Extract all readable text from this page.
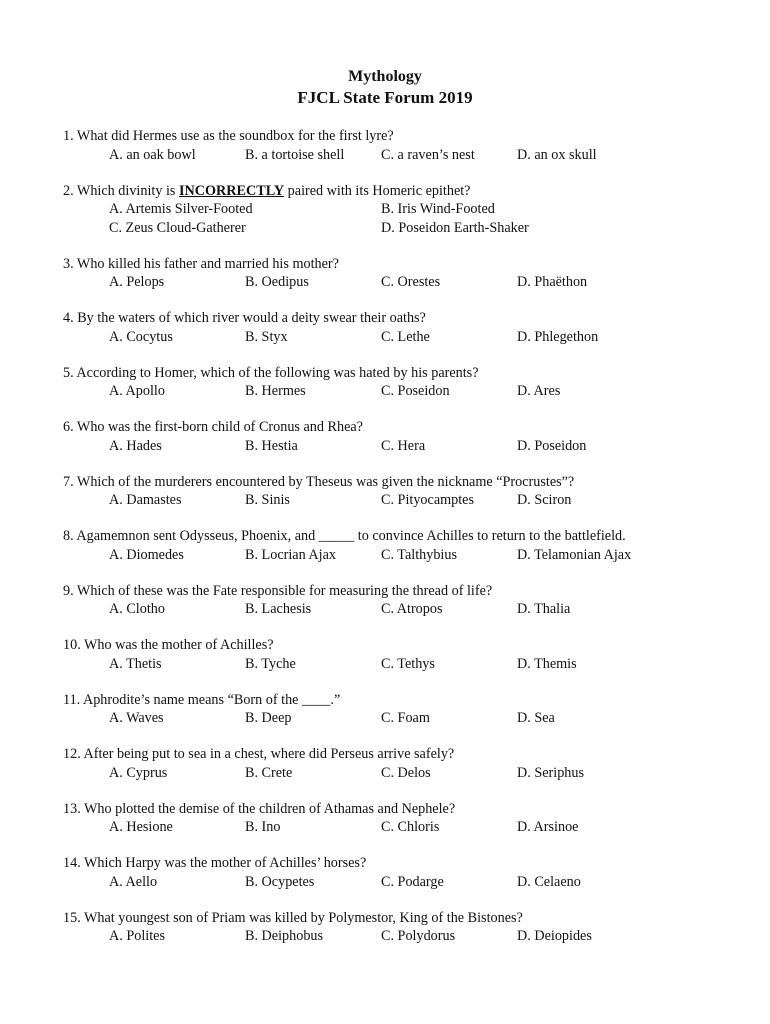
Mythology
FJCL State Forum 2019
1. What did Hermes use as the soundbox for the first lyre?
A. an oak bowl	B. a tortoise shell	C. a raven’s nest	D. an ox skull
2. Which divinity is INCORRECTLY paired with its Homeric epithet?
A. Artemis Silver-Footed	B. Iris Wind-Footed
C. Zeus Cloud-Gatherer	D. Poseidon Earth-Shaker
3. Who killed his father and married his mother?
A. Pelops	B. Oedipus	C. Orestes	D. Phaëthon
4. By the waters of which river would a deity swear their oaths?
A. Cocytus	B. Styx	C. Lethe	D. Phlegethon
5. According to Homer, which of the following was hated by his parents?
A. Apollo	B. Hermes	C. Poseidon	D. Ares
6. Who was the first-born child of Cronus and Rhea?
A. Hades	B. Hestia	C. Hera	D. Poseidon
7. Which of the murderers encountered by Theseus was given the nickname “Procrustes”?
A. Damastes	B. Sinis	C. Pityocamptes	D. Sciron
8. Agamemnon sent Odysseus, Phoenix, and _____ to convince Achilles to return to the battlefield.
A. Diomedes	B. Locrian Ajax	C. Talthybius	D. Telamonian Ajax
9. Which of these was the Fate responsible for measuring the thread of life?
A. Clotho	B. Lachesis	C. Atropos	D. Thalia
10. Who was the mother of Achilles?
A. Thetis	B. Tyche	C. Tethys	D. Themis
11. Aphrodite’s name means “Born of the ____.”
A. Waves	B. Deep	C. Foam	D. Sea
12. After being put to sea in a chest, where did Perseus arrive safely?
A. Cyprus	B. Crete	C. Delos	D. Seriphus
13. Who plotted the demise of the children of Athamas and Nephele?
A. Hesione	B. Ino	C. Chloris	D. Arsinoe
14. Which Harpy was the mother of Achilles’ horses?
A. Aello	B. Ocypetes	C. Podarge	D. Celaeno
15. What youngest son of Priam was killed by Polymestor, King of the Bistones?
A. Polites	B. Deiphobus	C. Polydorus	D. Deiopides
